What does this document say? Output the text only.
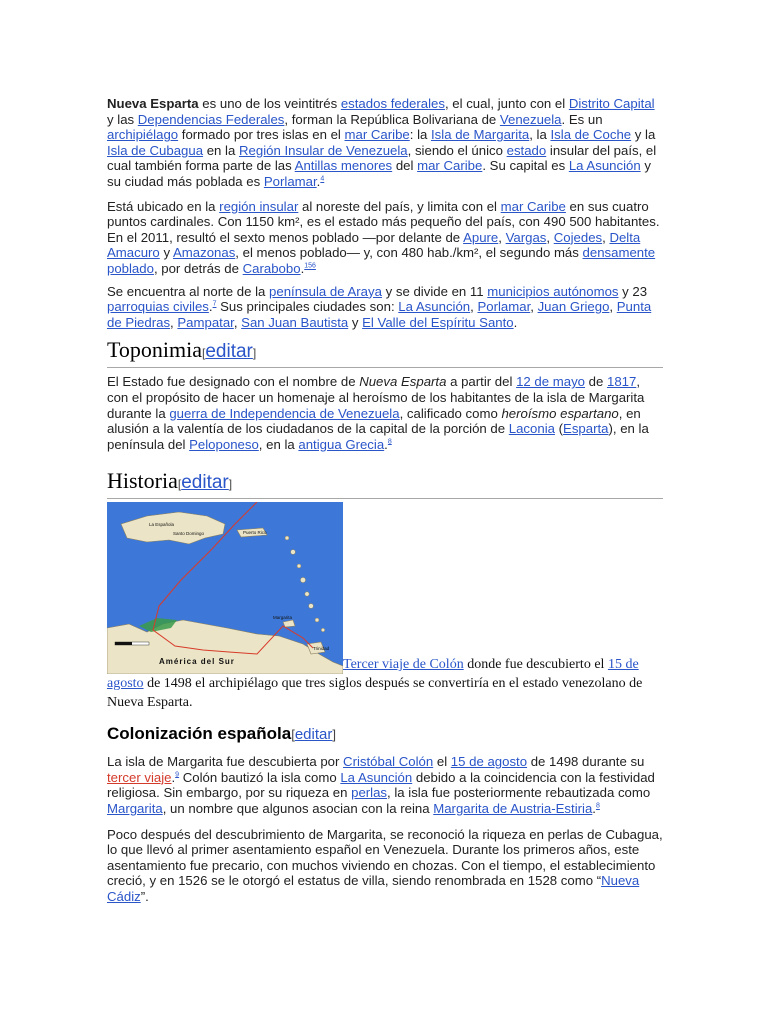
Nueva Esparta es uno de los veintitrés estados federales, el cual, junto con el Distrito Capital y las Dependencias Federales, forman la República Bolivariana de Venezuela. Es un archipiélago formado por tres islas en el mar Caribe: la Isla de Margarita, la Isla de Coche y la Isla de Cubagua en la Región Insular de Venezuela, siendo el único estado insular del país, el cual también forma parte de las Antillas menores del mar Caribe. Su capital es La Asunción y su ciudad más poblada es Porlamar.$^4$

Está ubicado en la región insular al noreste del país, y limita con el mar Caribe en sus cuatro puntos cardinales. Con 1150 km², es el estado más pequeño del país, con 490 500 habitantes. En el 2011, resultó el sexto menos poblado —por delante de Apure, Vargas, Cojedes, Delta Amacuro y Amazonas, el menos poblado— y, con 480 hab./km², el segundo más densamente poblado, por detrás de Carabobo.$^{156}$

Se encuentra al norte de la península de Araya y se divide en 11 municipios autónomos y 23 parroquias civiles.$^7$ Sus principales ciudades son: La Asunción, Porlamar, Juan Griego, Punta de Piedras, Pampatar, San Juan Bautista y El Valle del Espíritu Santo.

Toponimia[editar]

El Estado fue designado con el nombre de Nueva Esparta a partir del 12 de mayo de 1817, con el propósito de hacer un homenaje al heroísmo de los habitantes de la isla de Margarita durante la guerra de Independencia de Venezuela, calificado como heroísmo espartano, en alusión a la valentía de los ciudadanos de la capital de la porción de Laconia (Esparta), en la península del Peloponeso, en la antigua Grecia.$^8$

Historia[editar]
La Española
Santo Domingo	Puerto Rico
Trinidad
Margarita
América del Sur	Tercer viaje de Colón donde fue descubierto el 15 de agosto de 1498 el archipiélago que tres siglos después se convertiría en el estado venezolano de Nueva Esparta.
Colonización española[editar]

La isla de Margarita fue descubierta por Cristóbal Colón el 15 de agosto de 1498 durante su tercer viaje.$^9$ Colón bautizó la isla como La Asunción debido a la coincidencia con la festividad religiosa. Sin embargo, por su riqueza en perlas, la isla fue posteriormente rebautizada como Margarita, un nombre que algunos asocian con la reina Margarita de Austria-Estiria.$^8$

Poco después del descubrimiento de Margarita, se reconoció la riqueza en perlas de Cubagua, lo que llevó al primer asentamiento español en Venezuela. Durante los primeros años, este asentamiento fue precario, con muchos viviendo en chozas. Con el tiempo, el establecimiento creció, y en 1526 se le otorgó el estatus de villa, siendo renombrada en 1528 como “Nueva Cádiz”.
